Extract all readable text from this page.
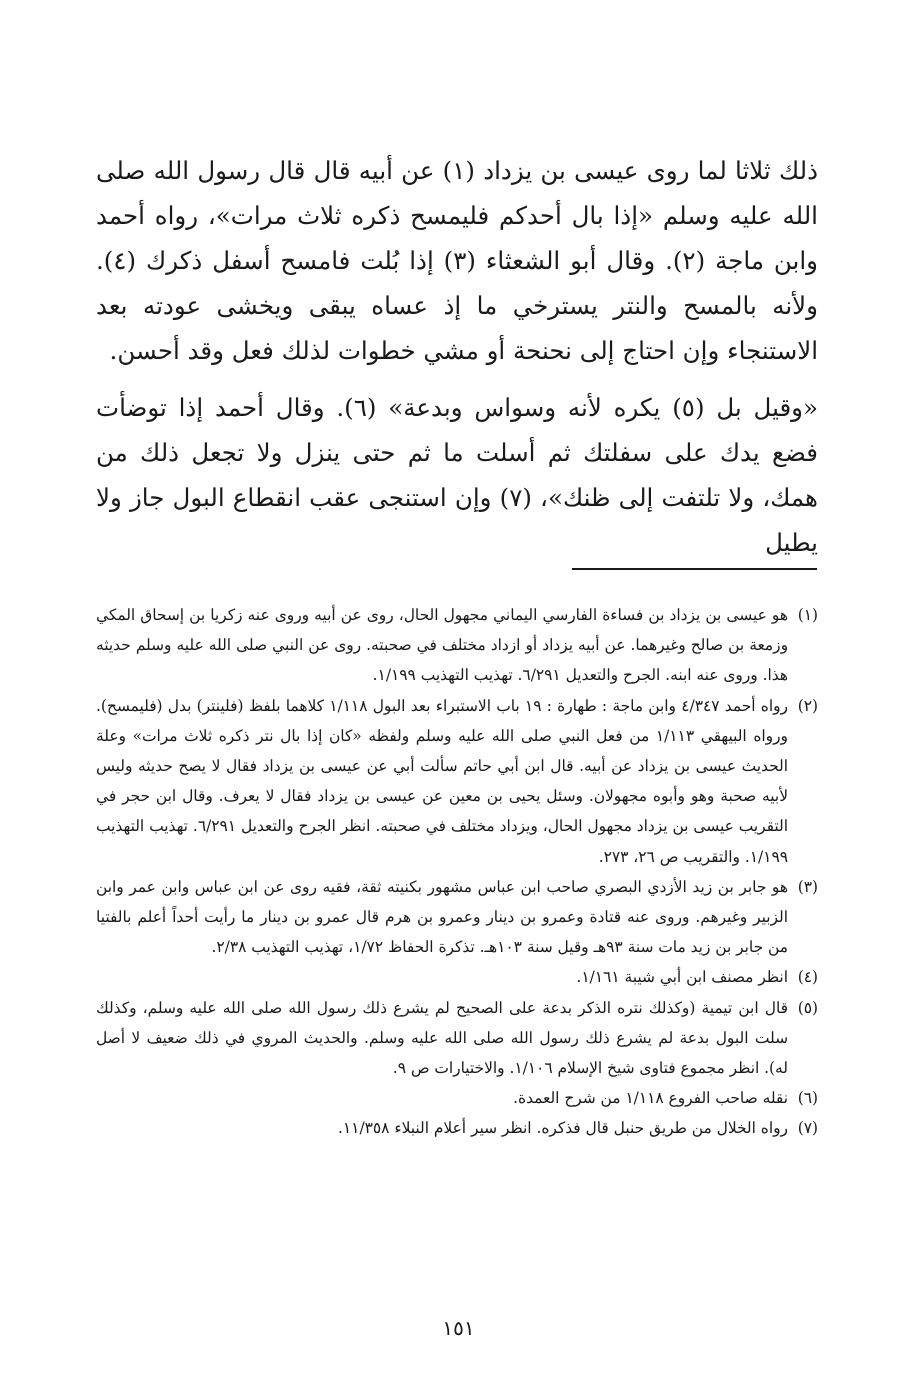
ذلك ثلاثا لما روى عيسى بن يزداد (١) عن أبيه قال قال رسول الله صلى الله عليه وسلم «إذا بال أحدكم فليمسح ذكره ثلاث مرات»، رواه أحمد وابن ماجة (٢). وقال أبو الشعثاء (٣) إذا بُلت فامسح أسفل ذكرك (٤). ولأنه بالمسح والنتر يسترخي ما إذ عساه يبقى ويخشى عودته بعد الاستنجاء وإن احتاج إلى نحنحة أو مشي خطوات لذلك فعل وقد أحسن.

«وقيل بل (٥) يكره لأنه وسواس وبدعة» (٦). وقال أحمد إذا توضأت فضع يدك على سفلتك ثم أسلت ما ثم حتى ينزل ولا تجعل ذلك من همك، ولا تلتفت إلى ظنك»، (٧) وإن استنجى عقب انقطاع البول جاز ولا يطيل

(١)
هو عيسى بن يزداد بن فساءة الفارسي اليماني مجهول الحال، روى عن أبيه وروى عنه زكريا بن إسحاق المكي وزمعة بن صالح وغيرهما. عن أبيه يزداد أو ازداد مختلف في صحبته. روى عن النبي صلى الله عليه وسلم حديثه هذا. وروى عنه ابنه. الجرح والتعديل ٦/٢٩١. تهذيب التهذيب ١/١٩٩.
(٢)
رواه أحمد ٤/٣٤٧ وابن ماجة : طهارة : ١٩ باب الاستبراء بعد البول ١/١١٨ كلاهما بلفظ (فلينتر) بدل (فليمسح). ورواه البيهقي ١/١١٣ من فعل النبي صلى الله عليه وسلم ولفظه «كان إذا بال نتر ذكره ثلاث مرات» وعلة الحديث عيسى بن يزداد عن أبيه. قال ابن أبي حاتم سألت أبي عن عيسى بن يزداد فقال لا يصح حديثه وليس لأبيه صحبة وهو وأبوه مجهولان. وسئل يحيى بن معين عن عيسى بن يزداد فقال لا يعرف. وقال ابن حجر في التقريب عيسى بن يزداد مجهول الحال، ويزداد مختلف في صحبته. انظر الجرح والتعديل ٦/٢٩١. تهذيب التهذيب ١/١٩٩. والتقريب ص ٢٦، ٢٧٣.
(٣)
هو جابر بن زيد الأزدي البصري صاحب ابن عباس مشهور بكنيته ثقة، فقيه روى عن ابن عباس وابن عمر وابن الزبير وغيرهم. وروى عنه قتادة وعمرو بن دينار وعمرو بن هرم قال عمرو بن دينار ما رأيت أحداً أعلم بالفتيا من جابر بن زيد مات سنة ٩٣هـ وقيل سنة ١٠٣هـ. تذكرة الحفاظ ١/٧٢، تهذيب التهذيب ٢/٣٨.
(٤)
انظر مصنف ابن أبي شيبة ١/١٦١.
(٥)
قال ابن تيمية (وكذلك نتره الذكر بدعة على الصحيح لم يشرع ذلك رسول الله صلى الله عليه وسلم، وكذلك سلت البول بدعة لم يشرع ذلك رسول الله صلى الله عليه وسلم. والحديث المروي في ذلك ضعيف لا أصل له). انظر مجموع فتاوى شيخ الإسلام ١/١٠٦. والاختيارات ص ٩.
(٦)
نقله صاحب الفروع ١/١١٨ من شرح العمدة.
(٧)
رواه الخلال من طريق حنبل قال فذكره. انظر سير أعلام النبلاء ١١/٣٥٨.
١٥١
